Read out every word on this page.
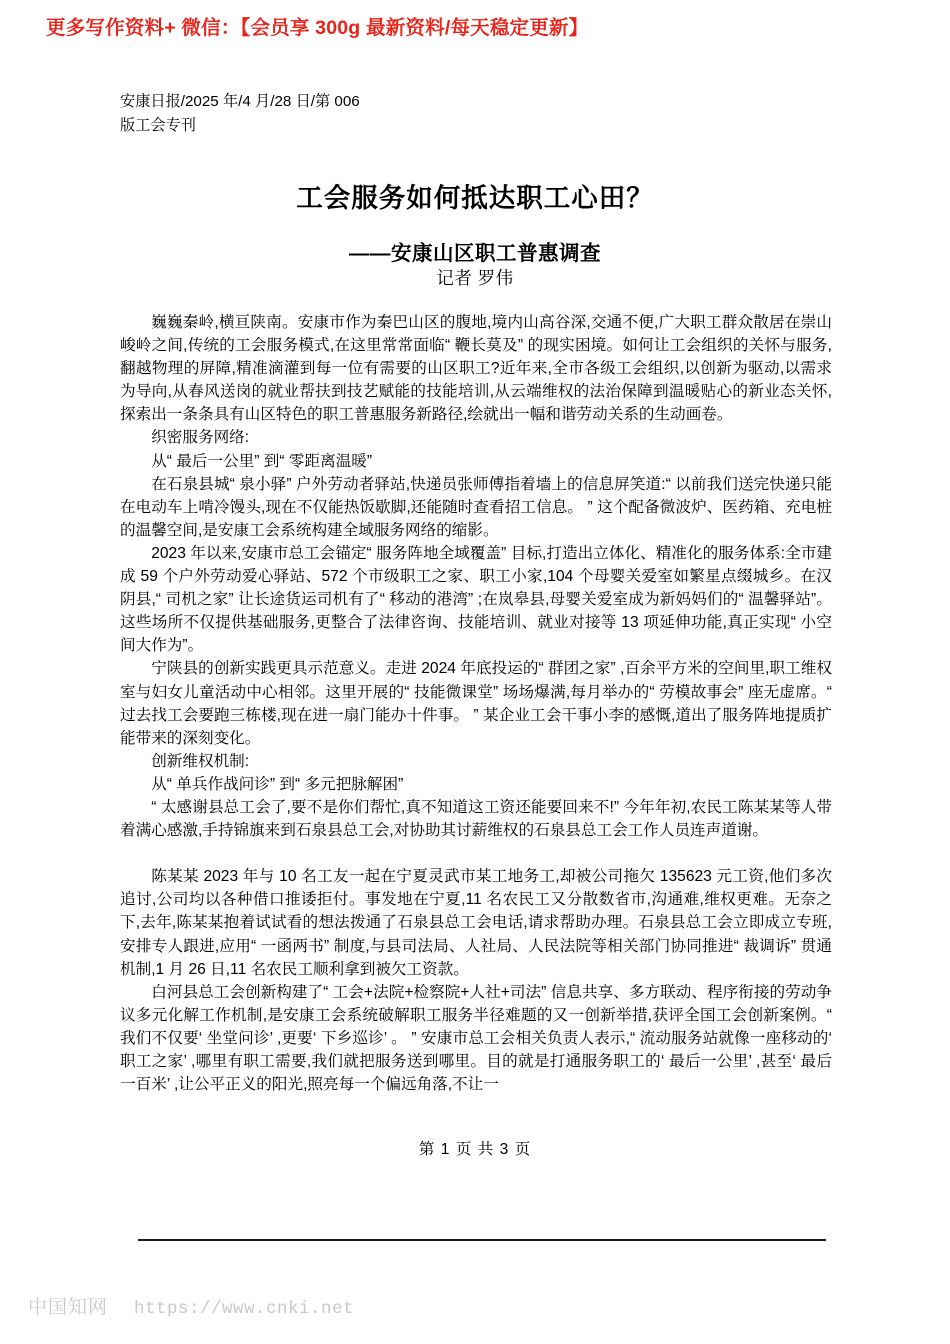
更多写作资料+ 微信：【会员享 300g 最新资料/每天稳定更新】
安康日报/2025 年/4 月/28 日/第 006
版工会专刊
工会服务如何抵达职工心田？
——安康山区职工普惠调查
记者 罗伟

巍巍秦岭,横亘陕南。安康市作为秦巴山区的腹地,境内山高谷深,交通不便,广大职工群众散居在崇山峻岭之间,传统的工会服务模式,在这里常常面临“ 鞭长莫及” 的现实困境。如何让工会组织的关怀与服务,翻越物理的屏障,精准滴灌到每一位有需要的山区职工?近年来,全市各级工会组织,以创新为驱动,以需求为导向,从春风送岗的就业帮扶到技艺赋能的技能培训,从云端维权的法治保障到温暖贴心的新业态关怀,探索出一条条具有山区特色的职工普惠服务新路径,绘就出一幅和谐劳动关系的生动画卷。

织密服务网络:

从“ 最后一公里” 到“ 零距离温暖”

在石泉县城“ 泉小驿” 户外劳动者驿站,快递员张师傅指着墙上的信息屏笑道:“ 以前我们送完快递只能在电动车上啃冷馒头,现在不仅能热饭歇脚,还能随时查看招工信息。 ” 这个配备微波炉、医药箱、充电桩的温馨空间,是安康工会系统构建全域服务网络的缩影。

2023 年以来,安康市总工会锚定“ 服务阵地全域覆盖” 目标,打造出立体化、精准化的服务体系:全市建成 59 个户外劳动爱心驿站、572 个市级职工之家、职工小家,104 个母婴关爱室如繁星点缀城乡。在汉阴县,“ 司机之家” 让长途货运司机有了“ 移动的港湾” ;在岚皋县,母婴关爱室成为新妈妈们的“ 温馨驿站”。这些场所不仅提供基础服务,更整合了法律咨询、技能培训、就业对接等 13 项延伸功能,真正实现“ 小空间大作为”。

宁陕县的创新实践更具示范意义。走进 2024 年底投运的“ 群团之家” ,百余平方米的空间里,职工维权室与妇女儿童活动中心相邻。这里开展的“ 技能微课堂” 场场爆满,每月举办的“ 劳模故事会” 座无虚席。“ 过去找工会要跑三栋楼,现在进一扇门能办十件事。 ” 某企业工会干事小李的感慨,道出了服务阵地提质扩能带来的深刻变化。

创新维权机制:

从“ 单兵作战问诊” 到“ 多元把脉解困”

“ 太感谢县总工会了,要不是你们帮忙,真不知道这工资还能要回来不!” 今年年初,农民工陈某某等人带着满心感激,手持锦旗来到石泉县总工会,对协助其讨薪维权的石泉县总工会工作人员连声道谢。

陈某某 2023 年与 10 名工友一起在宁夏灵武市某工地务工,却被公司拖欠 135623 元工资,他们多次追讨,公司均以各种借口推诿拒付。事发地在宁夏,11 名农民工又分散数省市,沟通难,维权更难。无奈之下,去年,陈某某抱着试试看的想法拨通了石泉县总工会电话,请求帮助办理。石泉县总工会立即成立专班,安排专人跟进,应用“ 一函两书” 制度,与县司法局、人社局、人民法院等相关部门协同推进“ 裁调诉” 贯通机制,1 月 26 日,11 名农民工顺利拿到被欠工资款。

白河县总工会创新构建了“ 工会+法院+检察院+人社+司法” 信息共享、多方联动、程序衔接的劳动争议多元化解工作机制,是安康工会系统破解职工服务半径难题的又一创新举措,获评全国工会创新案例。“ 我们不仅要‘ 坐堂问诊’ ,更要‘ 下乡巡诊’ 。 ” 安康市总工会相关负责人表示,“ 流动服务站就像一座移动的‘ 职工之家’ ,哪里有职工需要,我们就把服务送到哪里。目的就是打通服务职工的‘ 最后一公里’ ,甚至‘ 最后一百米’ ,让公平正义的阳光,照亮每一个偏远角落,不让一

第 1 页 共 3 页
中国知网 https://www.cnki.net
